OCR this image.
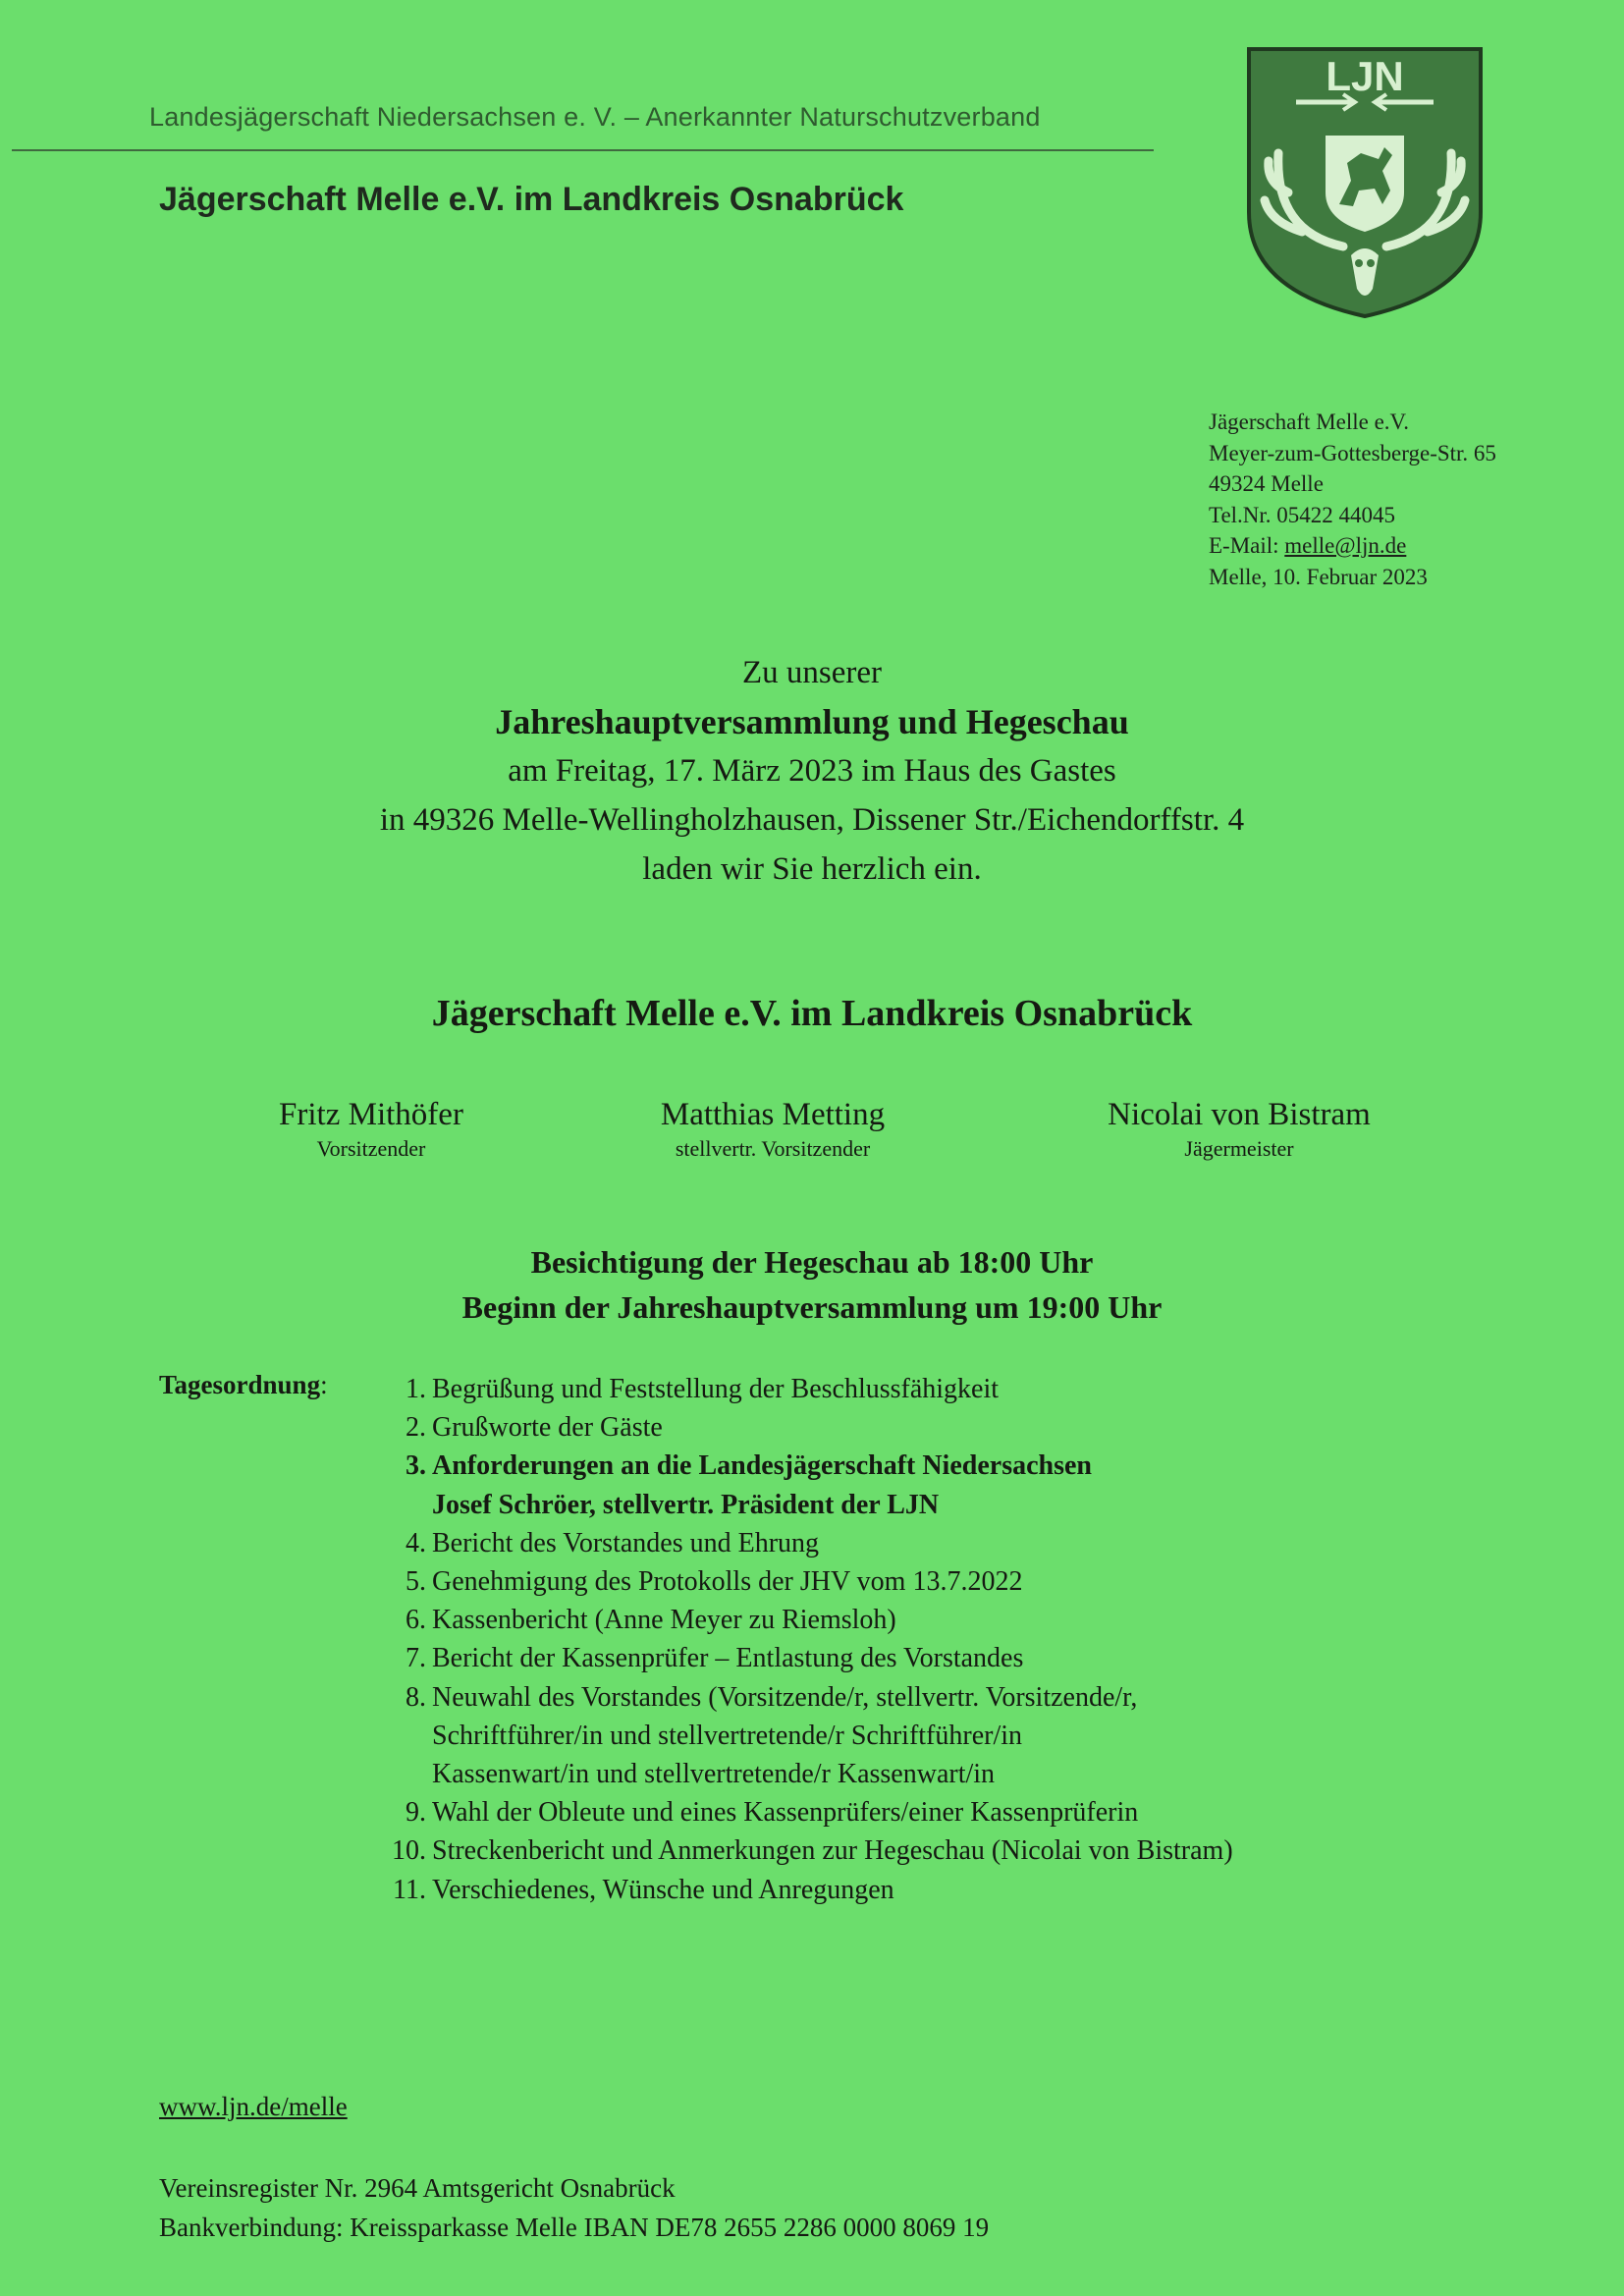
Landesjägerschaft Niedersachsen e. V. – Anerkannter Naturschutzverband
Jägerschaft Melle e.V. im Landkreis Osnabrück
LJN
Jägerschaft Melle e.V.
Meyer-zum-Gottesberge-Str. 65
49324 Melle
Tel.Nr. 05422 44045
E-Mail: melle@ljn.de
Melle, 10. Februar 2023
Zu unserer
Jahreshauptversammlung und Hegeschau
am Freitag, 17. März 2023 im Haus des Gastes
in 49326 Melle-Wellingholzhausen, Dissener Str./Eichendorffstr. 4
laden wir Sie herzlich ein.
Jägerschaft Melle e.V. im Landkreis Osnabrück
Fritz Mithöfer
Vorsitzender
Matthias Metting
stellvertr. Vorsitzender
Nicolai von Bistram
Jägermeister
Besichtigung der Hegeschau ab 18:00 Uhr
Beginn der Jahreshauptversammlung um 19:00 Uhr
Tagesordnung:	1. Begrüßung und Feststellung der Beschlussfähigkeit
2. Grußworte der Gäste
3. Anforderungen an die Landesjägerschaft Niedersachsen
Josef Schröer, stellvertr. Präsident der LJN
4. Bericht des Vorstandes und Ehrung
5. Genehmigung des Protokolls der JHV vom 13.7.2022
6. Kassenbericht (Anne Meyer zu Riemsloh)
7. Bericht der Kassenprüfer – Entlastung des Vorstandes
8. Neuwahl des Vorstandes (Vorsitzende/r, stellvertr. Vorsitzende/r,
Schriftführer/in und stellvertretende/r Schriftführer/in
Kassenwart/in und stellvertretende/r Kassenwart/in
9. Wahl der Obleute und eines Kassenprüfers/einer Kassenprüferin
10. Streckenbericht und Anmerkungen zur Hegeschau (Nicolai von Bistram)
11. Verschiedenes, Wünsche und Anregungen
www.ljn.de/melle
Vereinsregister Nr. 2964 Amtsgericht Osnabrück
Bankverbindung: Kreissparkasse Melle IBAN DE78 2655 2286 0000 8069 19
